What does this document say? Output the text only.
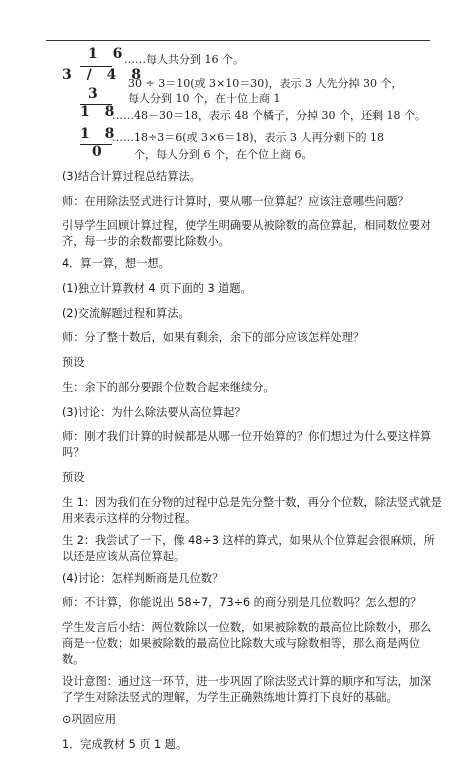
1 6
……每人共分到 16 个。
3 / 4 8
3
30 ÷ 3＝10(或 3×10＝30)，表示 3 人先分掉 30 个，
每人分到 10 个，在十位上商 1
1 8
……48－30＝18，表示 48 个橘子，分掉 30 个，还剩 18 个。
1 8
……18÷3＝6(或 3×6＝18)，表示 3 人再分剩下的 18
0 个，每人分到 6 个，在个位上商 6。

(3)结合计算过程总结算法。

师：在用除法竖式进行计算时，要从哪一位算起？应该注意哪些问题？

引导学生回顾计算过程，使学生明确要从被除数的高位算起，相同数位要对齐，每一步的余数都要比除数小。

4．算一算，想一想。

(1)独立计算教材 4 页下面的 3 道题。

(2)交流解题过程和算法。

师：分了整十数后，如果有剩余，余下的部分应该怎样处理？

预设

生：余下的部分要跟个位数合起来继续分。

(3)讨论：为什么除法要从高位算起？

师：刚才我们计算的时候都是从哪一位开始算的？你们想过为什么要这样算吗？

预设

生 1：因为我们在分物的过程中总是先分整十数，再分个位数，除法竖式就是用来表示这样的分物过程。

生 2：我尝试了一下，像 48÷3 这样的算式，如果从个位算起会很麻烦，所以还是应该从高位算起。

(4)讨论：怎样判断商是几位数？

师：不计算，你能说出 58÷7，73÷6 的商分别是几位数吗？怎么想的？

学生发言后小结：两位数除以一位数，如果被除数的最高位比除数小，那么商是一位数；如果被除数的最高位比除数大或与除数相等，那么商是两位数。

设计意图：通过这一环节，进一步巩固了除法竖式计算的顺序和写法，加深了学生对除法竖式的理解，为学生正确熟练地计算打下良好的基础。

⊙巩固应用

1．完成教材 5 页 1 题。
